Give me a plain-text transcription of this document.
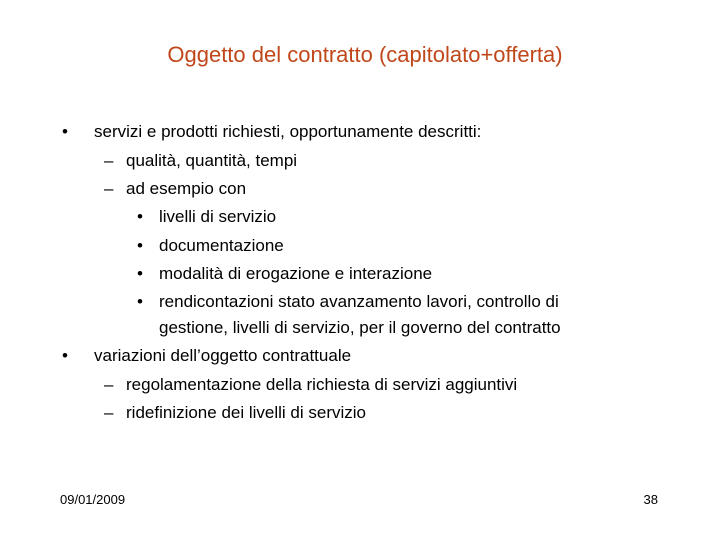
Oggetto del contratto (capitolato+offerta)
• servizi e prodotti richiesti, opportunamente descritti:
– qualità, quantità, tempi
– ad esempio con
• livelli di servizio
• documentazione
• modalità di erogazione e interazione
• rendicontazioni stato avanzamento lavori, controllo di
gestione, livelli di servizio, per il governo del contratto
• variazioni dell’oggetto contrattuale
– regolamentazione della richiesta di servizi aggiuntivi
– ridefinizione dei livelli di servizio
09/01/2009	38
